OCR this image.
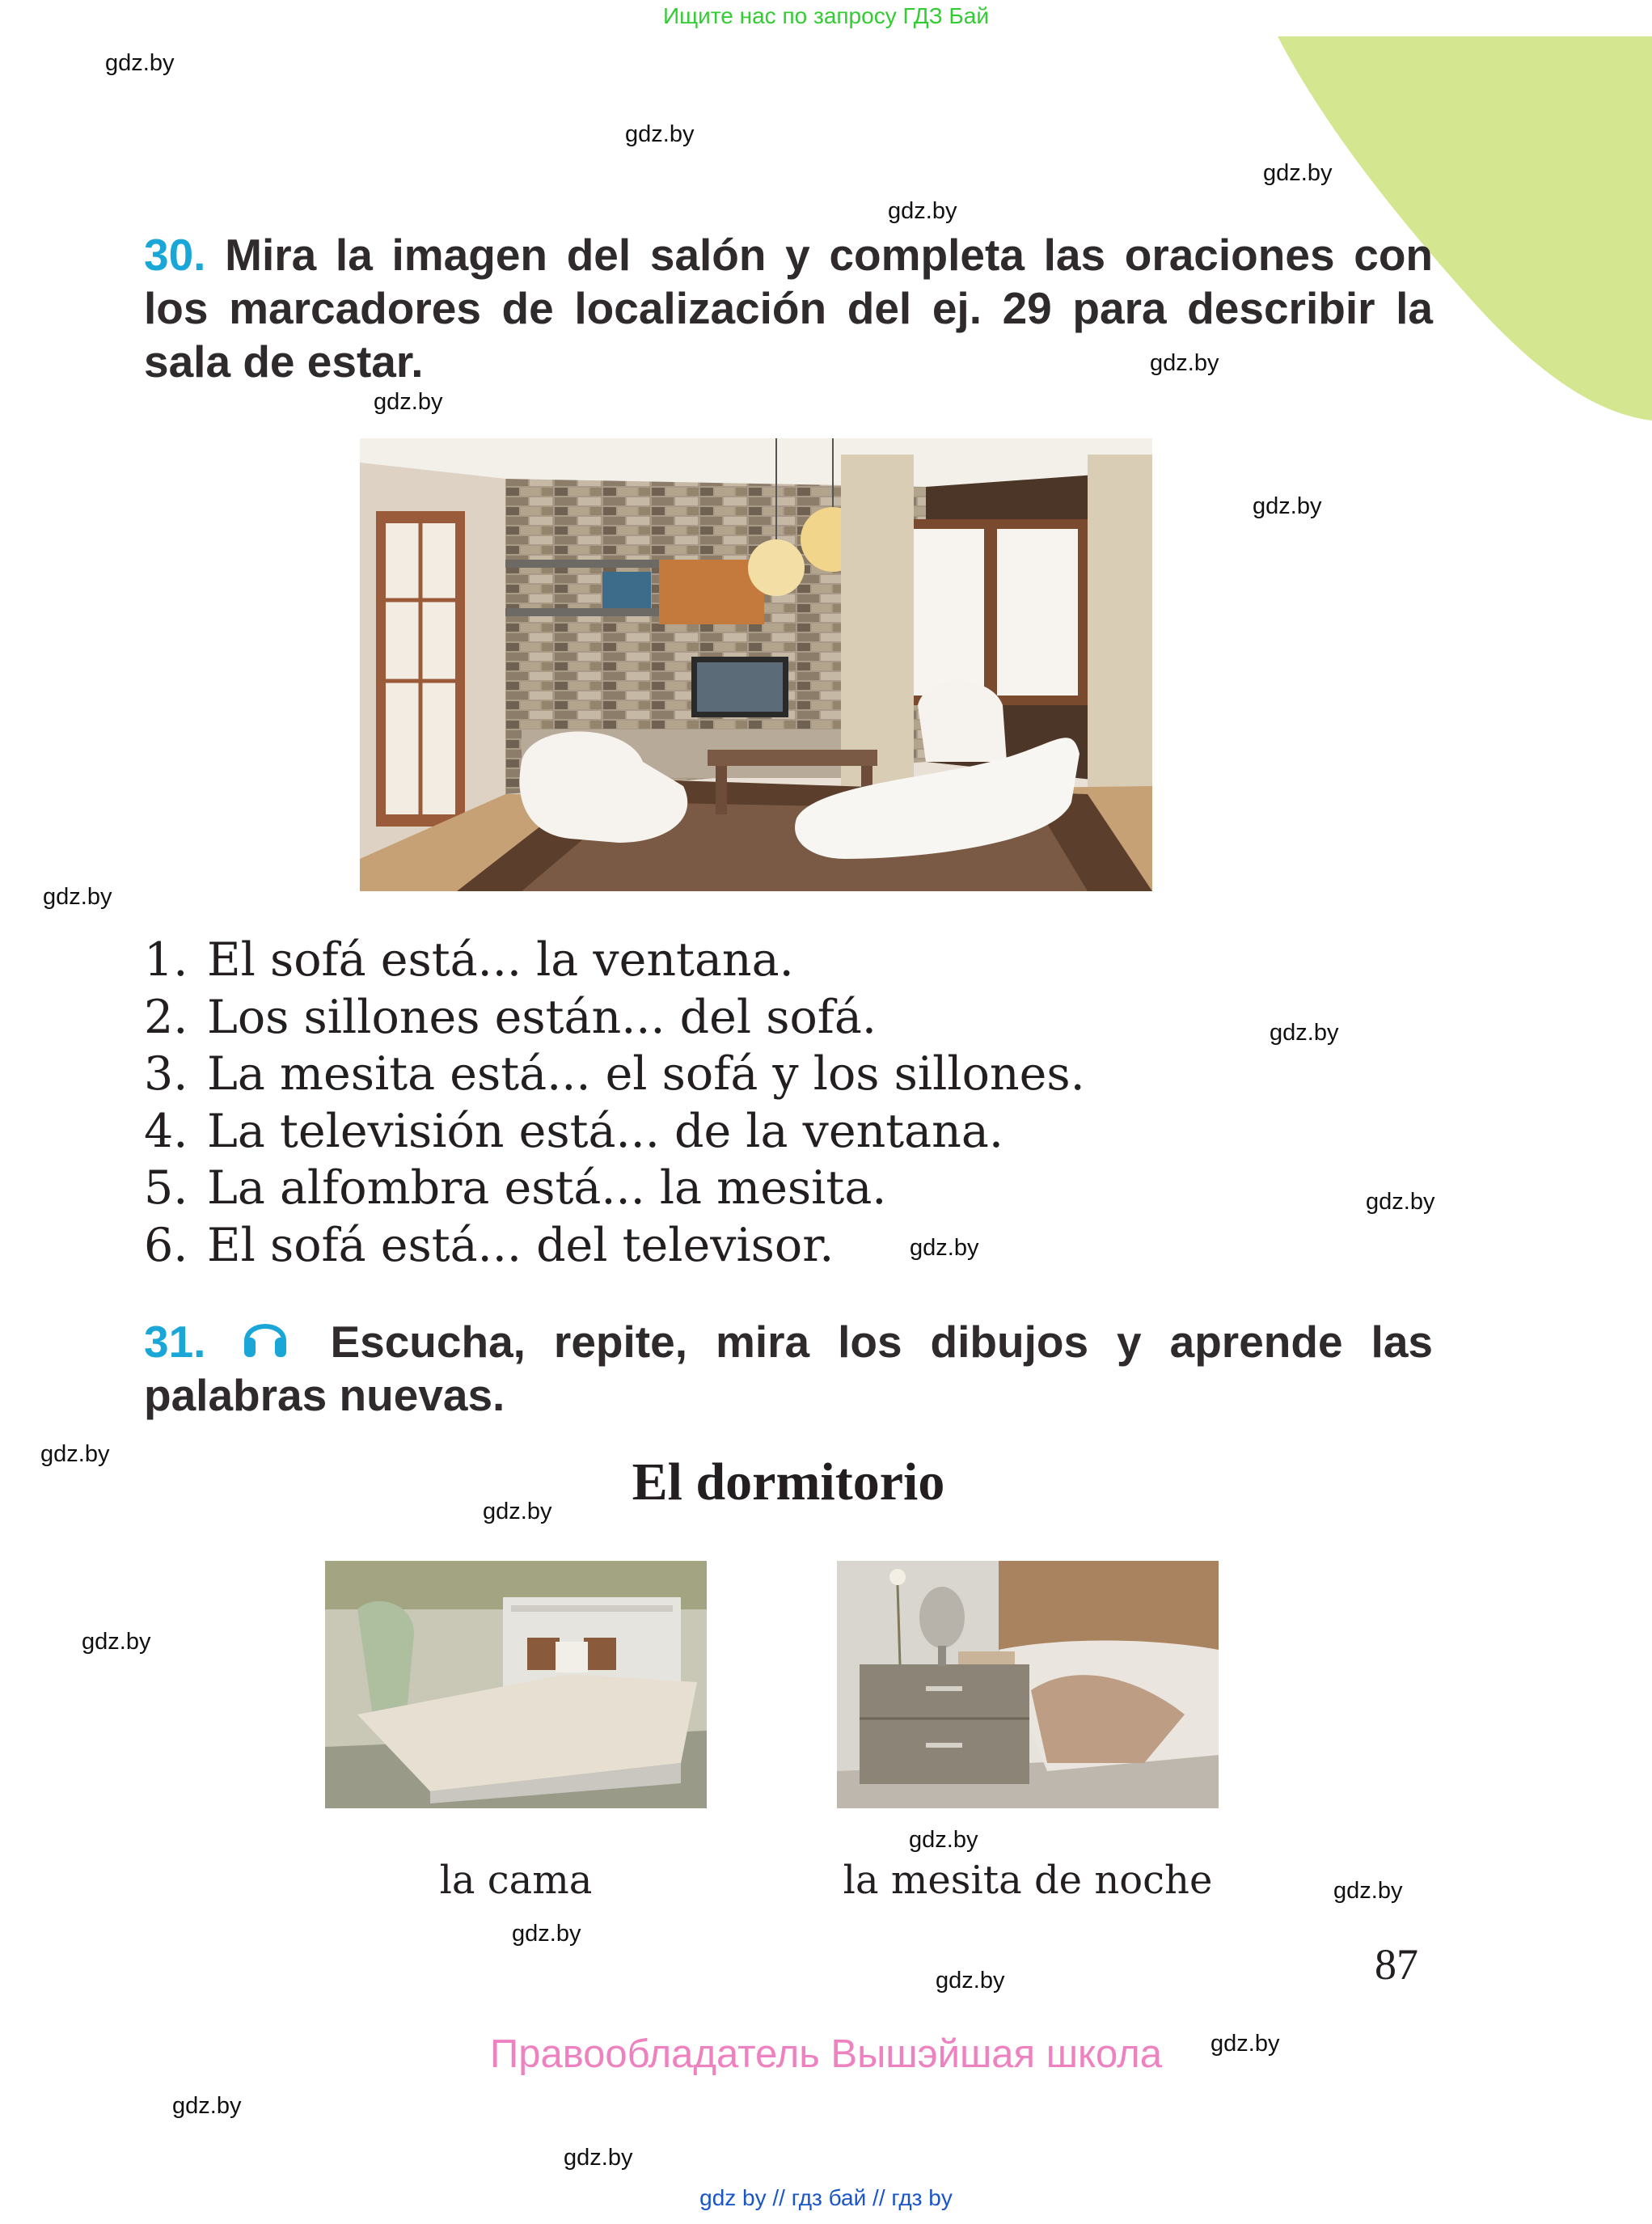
Ищите нас по запросу ГДЗ Бай
gdz.by
gdz.by
gdz.by
gdz.by
gdz.by
gdz.by
gdz.by
gdz.by
gdz.by
gdz.by
gdz.by
gdz.by
gdz.by
gdz.by
gdz.by
gdz.by
gdz.by
gdz.by
gdz.by
gdz.by
gdz.by
30. Mira la imagen del salón y completa las oraciones con los marcadores de localización del ej. 29 para describir la sala de estar.
1. El sofá está... la ventana.
2. Los sillones están... del sofá.
3. La mesita está... el sofá y los sillones.
4. La televisión está... de la ventana.
5. La alfombra está... la mesita.
6. El sofá está... del televisor.
31.	Escucha, repite, mira los dibujos y aprende las palabras nuevas.
El dormitorio
la cama	la mesita de noche
87
Правообладатель Вышэйшая школа
gdz by // гдз бай // гдз by
